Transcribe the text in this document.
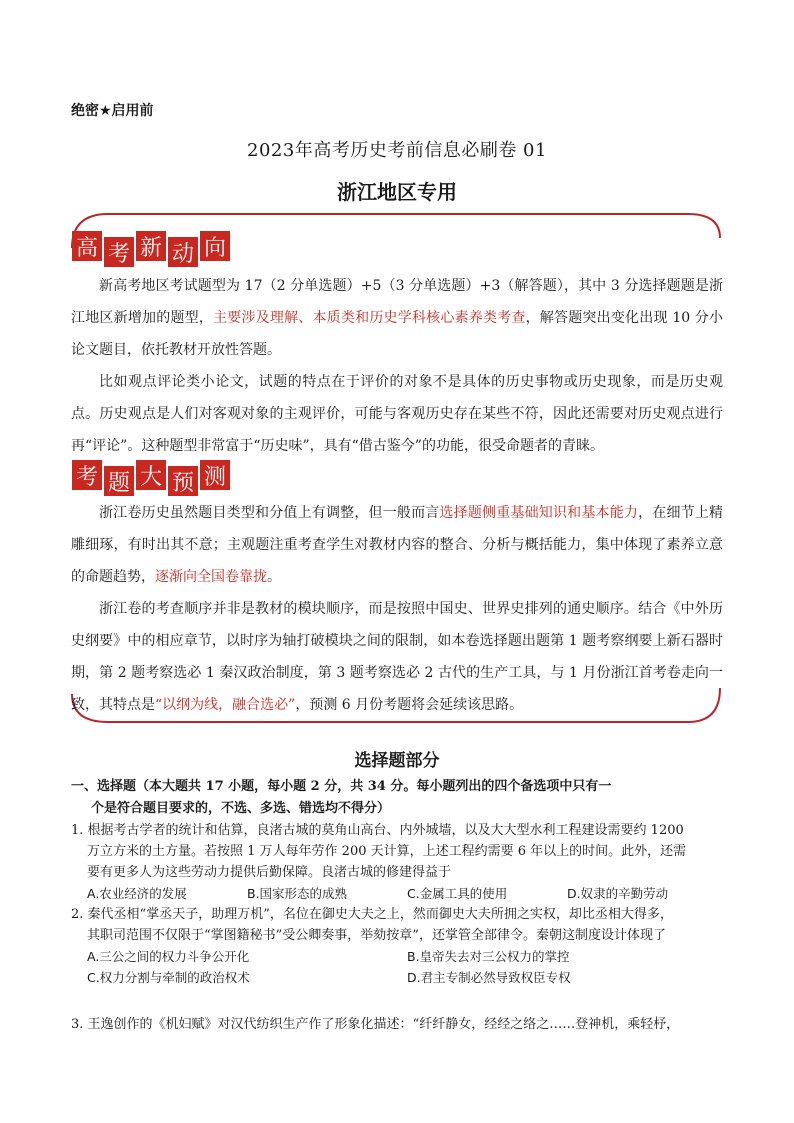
绝密★启用前
2023年高考历史考前信息必刷卷 01
浙江地区专用
高 考 新 动 向

新高考地区考试题型为 17（2 分单选题）+5（3 分单选题）+3（解答题），其中 3 分选择题题是浙江地区新增加的题型，主要涉及理解、本质类和历史学科核心素养类考查，解答题突出变化出现 10 分小论文题目，依托教材开放性答题。

比如观点评论类小论文，试题的特点在于评价的对象不是具体的历史事物或历史现象，而是历史观点。历史观点是人们对客观对象的主观评价，可能与客观历史存在某些不符，因此还需要对历史观点进行再“评论”。这种题型非常富于“历史味”，具有“借古鉴今”的功能，很受命题者的青睐。

考 题 大 预 测

浙江卷历史虽然题目类型和分值上有调整，但一般而言选择题侧重基础知识和基本能力，在细节上精雕细琢，有时出其不意；主观题注重考查学生对教材内容的整合、分析与概括能力，集中体现了素养立意的命题趋势，逐渐向全国卷靠拢。

浙江卷的考查顺序并非是教材的模块顺序，而是按照中国史、世界史排列的通史顺序。结合《中外历史纲要》中的相应章节，以时序为轴打破模块之间的限制，如本卷选择题出题第 1 题考察纲要上新石器时期，第 2 题考察选必 1 秦汉政治制度，第 3 题考察选必 2 古代的生产工具，与 1 月份浙江首考卷走向一致，其特点是“以纲为线，融合选必”，预测 6 月份考题将会延续该思路。

选择题部分
一、选择题（本大题共 17 小题，每小题 2 分，共 34 分。每小题列出的四个备选项中只有一
个是符合题目要求的，不选、多选、错选均不得分）

1. 根据考古学者的统计和估算，良渚古城的莫角山高台、内外城墙，以及大大型水利工程建设需要约 1200

万立方米的土方量。若按照 1 万人每年劳作 200 天计算，上述工程约需要 6 年以上的时间。此外，还需

要有更多人为这些劳动力提供后勤保障。良渚古城的修建得益于

A.农业经济的发展	B.国家形态的成熟	C.金属工具的使用	D.奴隶的辛勤劳动

2. 秦代丞相“掌丞天子，助理万机”，名位在御史大夫之上，然而御史大夫所拥之实权，却比丞相大得多，

其职司范围不仅限于“掌图籍秘书”受公卿奏事，举劾按章”，还掌管全部律令。秦朝这制度设计体现了

A.三公之间的权力斗争公开化	B.皇帝失去对三公权力的掌控
C.权力分割与牵制的政治权术	D.君主专制必然导致权臣专权

3. 王逸创作的《机妇赋》对汉代纺织生产作了形象化描述：“纤纤静女，经经之络之……登神机，乘轻杼，
